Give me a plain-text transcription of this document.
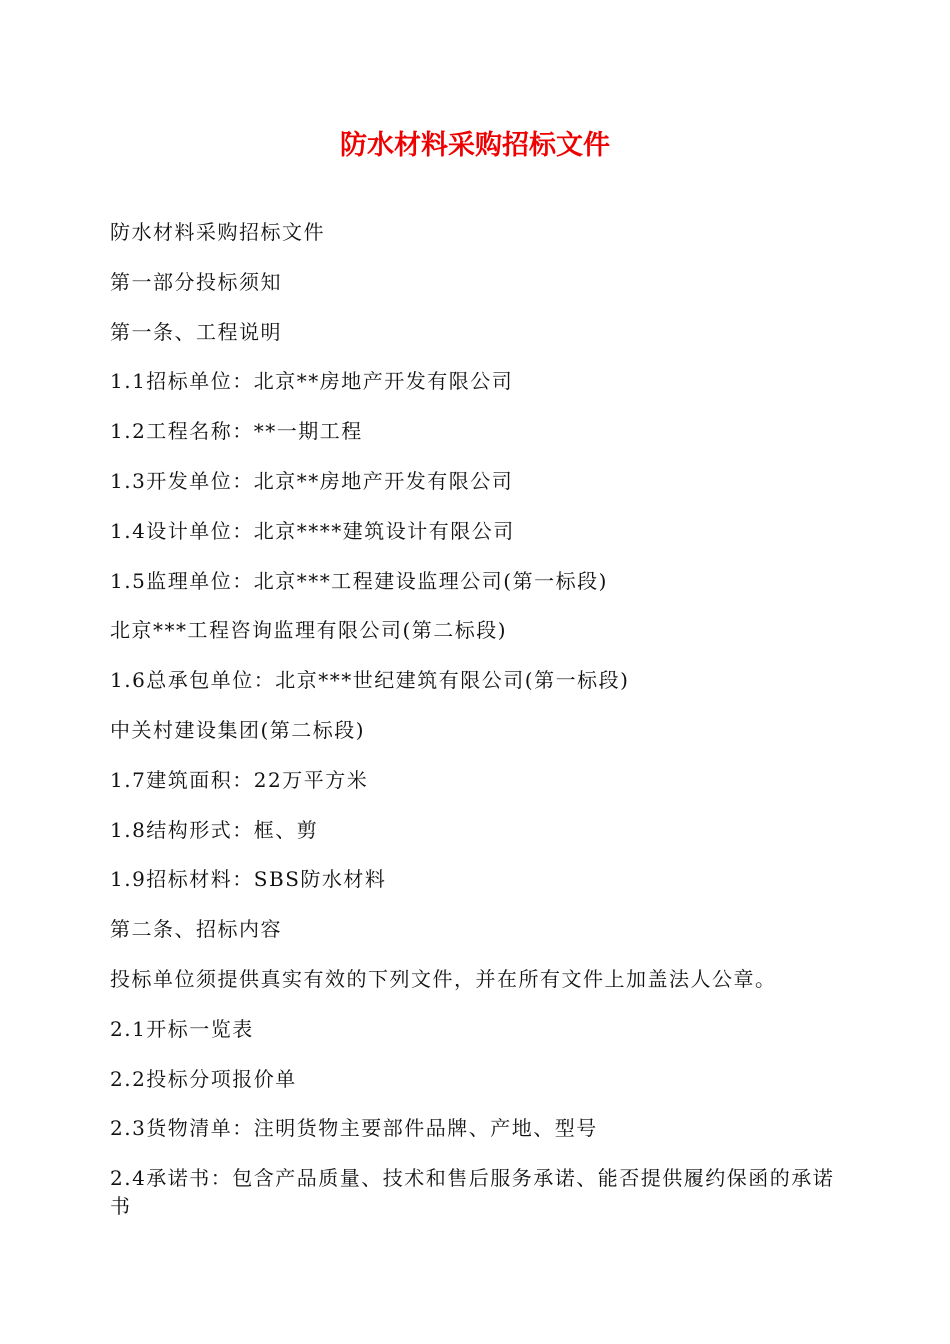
防水材料采购招标文件

防水材料采购招标文件

第一部分投标须知

第一条、工程说明

1.1招标单位：北京**房地产开发有限公司

1.2工程名称：**一期工程

1.3开发单位：北京**房地产开发有限公司

1.4设计单位：北京****建筑设计有限公司

1.5监理单位：北京***工程建设监理公司(第一标段)

北京***工程咨询监理有限公司(第二标段)

1.6总承包单位：北京***世纪建筑有限公司(第一标段)

中关村建设集团(第二标段)

1.7建筑面积：22万平方米

1.8结构形式：框、剪

1.9招标材料：SBS防水材料

第二条、招标内容

投标单位须提供真实有效的下列文件，并在所有文件上加盖法人公章。

2.1开标一览表

2.2投标分项报价单

2.3货物清单：注明货物主要部件品牌、产地、型号

2.4承诺书：包含产品质量、技术和售后服务承诺、能否提供履约保函的承诺书
